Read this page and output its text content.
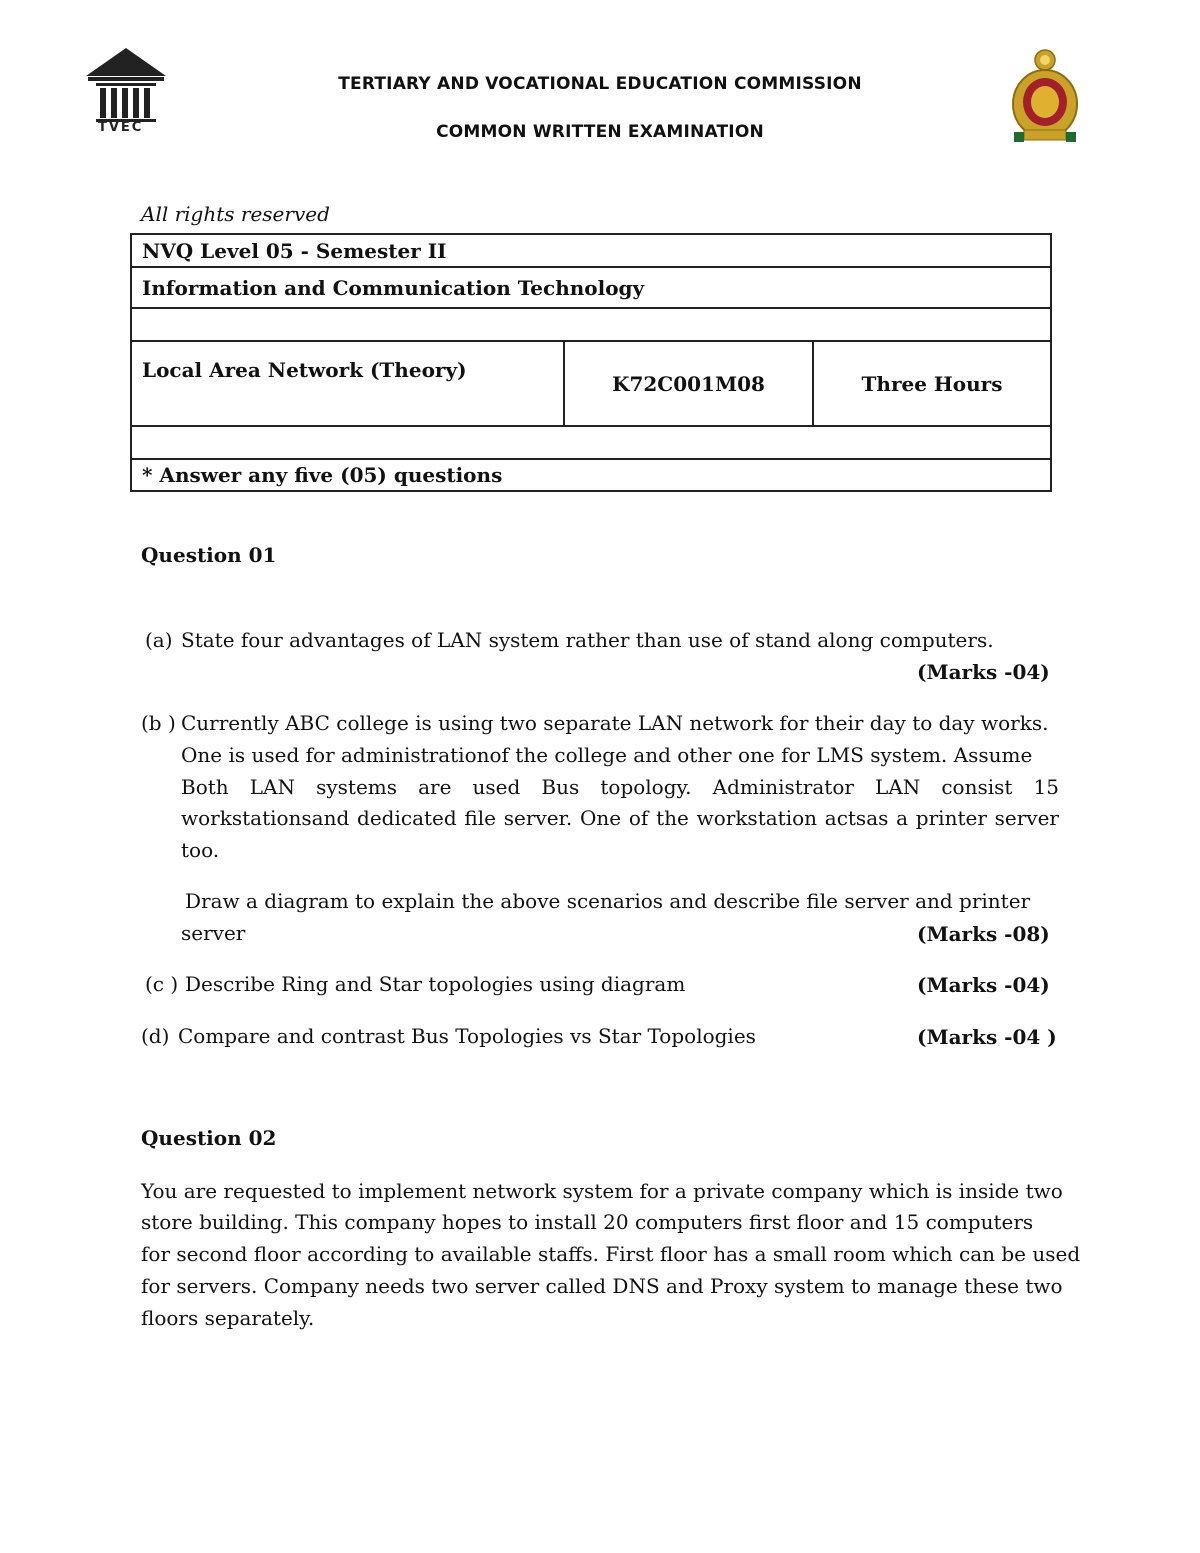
TVEC
TERTIARY AND VOCATIONAL EDUCATION COMMISSION
COMMON WRITTEN EXAMINATION
All rights reserved
NVQ Level 05 - Semester II
Information and Communication Technology

Local Area Network (Theory)	K72C001M08	Three Hours

* Answer any five (05) questions
Question 01
(a) State four advantages of LAN system rather than use of stand along computers.
(Marks -04)
(b ) Currently ABC college is using two separate LAN network for their day to day works.
One is used for administrationof the college and other one for LMS system. Assume
Both LAN systems are used Bus topology. Administrator LAN consist 15
workstationsand dedicated file server. One of the workstation actsas a printer server
too.
Draw a diagram to explain the above scenarios and describe file server and printer
server	(Marks -08)
(c ) Describe Ring and Star topologies using diagram	(Marks -04)
(d) Compare and contrast Bus Topologies vs Star Topologies	(Marks -04 )
Question 02
You are requested to implement network system for a private company which is inside two
store building. This company hopes to install 20 computers first floor and 15 computers
for second floor according to available staffs. First floor has a small room which can be used
for servers. Company needs two server called DNS and Proxy system to manage these two
floors separately.
